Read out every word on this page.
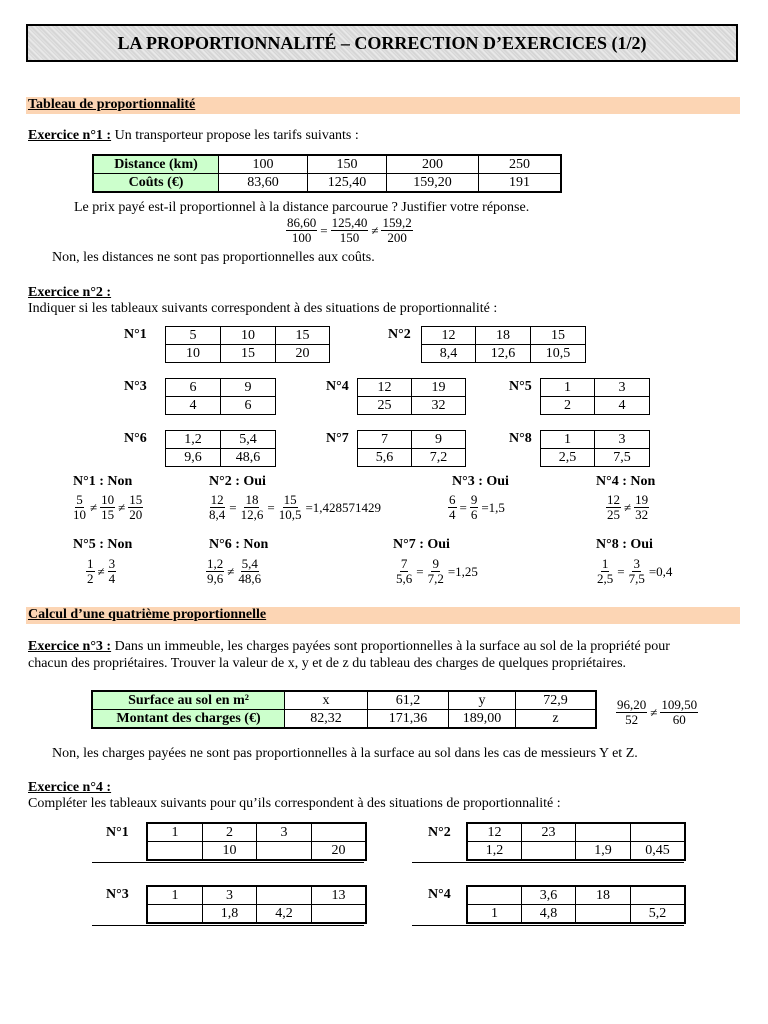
LA PROPORTIONNALITÉ – CORRECTION D’EXERCICES (1/2)
Tableau de proportionnalité
Exercice n°1 : Un transporteur propose les tarifs suivants :
Distance (km)	100	150	200	250
Coûts (€)	83,60	125,40	159,20	191
Le prix payé est-il proportionnel à la distance parcourue ? Justifier votre réponse.
$\frac{86,60}{100} = \frac{125,40}{150} \ne \frac{159,2}{200}$
Non, les distances ne sont pas proportionnelles aux coûts.
Exercice n°2 :
Indiquer si les tableaux suivants correspondent à des situations de proportionnalité :
N°1	5	10	15
10	15	20
N°2 12	18	15
8,4	12,6	10,5
N°3	6	9
4	6
N°4 12	19
25	32
N°5 1	3
2	4
N°6	1,2	5,4
9,6	48,6
N°7 7	9
5,6	7,2
N°8 1	3
2,5	7,5
N°1 : Non	N°2 : Oui	N°3 : Oui	N°4 : Non
$\frac{5}{10} \ne \frac{10}{15} \ne \frac{15}{20}$	$\frac{12}{8,4} = \frac{18}{12,6} = \frac{15}{10,5} =1,428571429$	$\frac{6}{4} = \frac{9}{6} =1,5$	$\frac{12}{25} \ne \frac{19}{32}$
N°5 : Non	N°6 : Non	N°7 : Oui	N°8 : Oui
$\frac{1}{2} \ne \frac{3}{4}$	$\frac{1,2}{9,6} \ne \frac{5,4}{48,6}$	$\frac{7}{5,6} = \frac{9}{7,2} =1,25$	$\frac{1}{2,5} = \frac{3}{7,5} =0,4$
Calcul d’une quatrième proportionnelle
Exercice n°3 : Dans un immeuble, les charges payées sont proportionnelles à la surface au sol de la propriété pour
chacun des propriétaires. Trouver la valeur de x, y et de z du tableau des charges de quelques propriétaires.
Surface au sol en m²	x	61,2	y	72,9
Montant des charges (€)	82,32	171,36	189,00	z	$\frac{96,20}{52} \ne \frac{109,50}{60}$
Non, les charges payées ne sont pas proportionnelles à la surface au sol dans les cas de messieurs Y et Z.
Exercice n°4 :
Compléter les tableaux suivants pour qu’ils correspondent à des situations de proportionnalité :
N°1	1	2	3	
	10		20
N°2	12	23		
1,2		1,9	0,45
N°3	1	3		13
	1,8	4,2	
N°4
		3,6	18	
1	4,8		5,2
